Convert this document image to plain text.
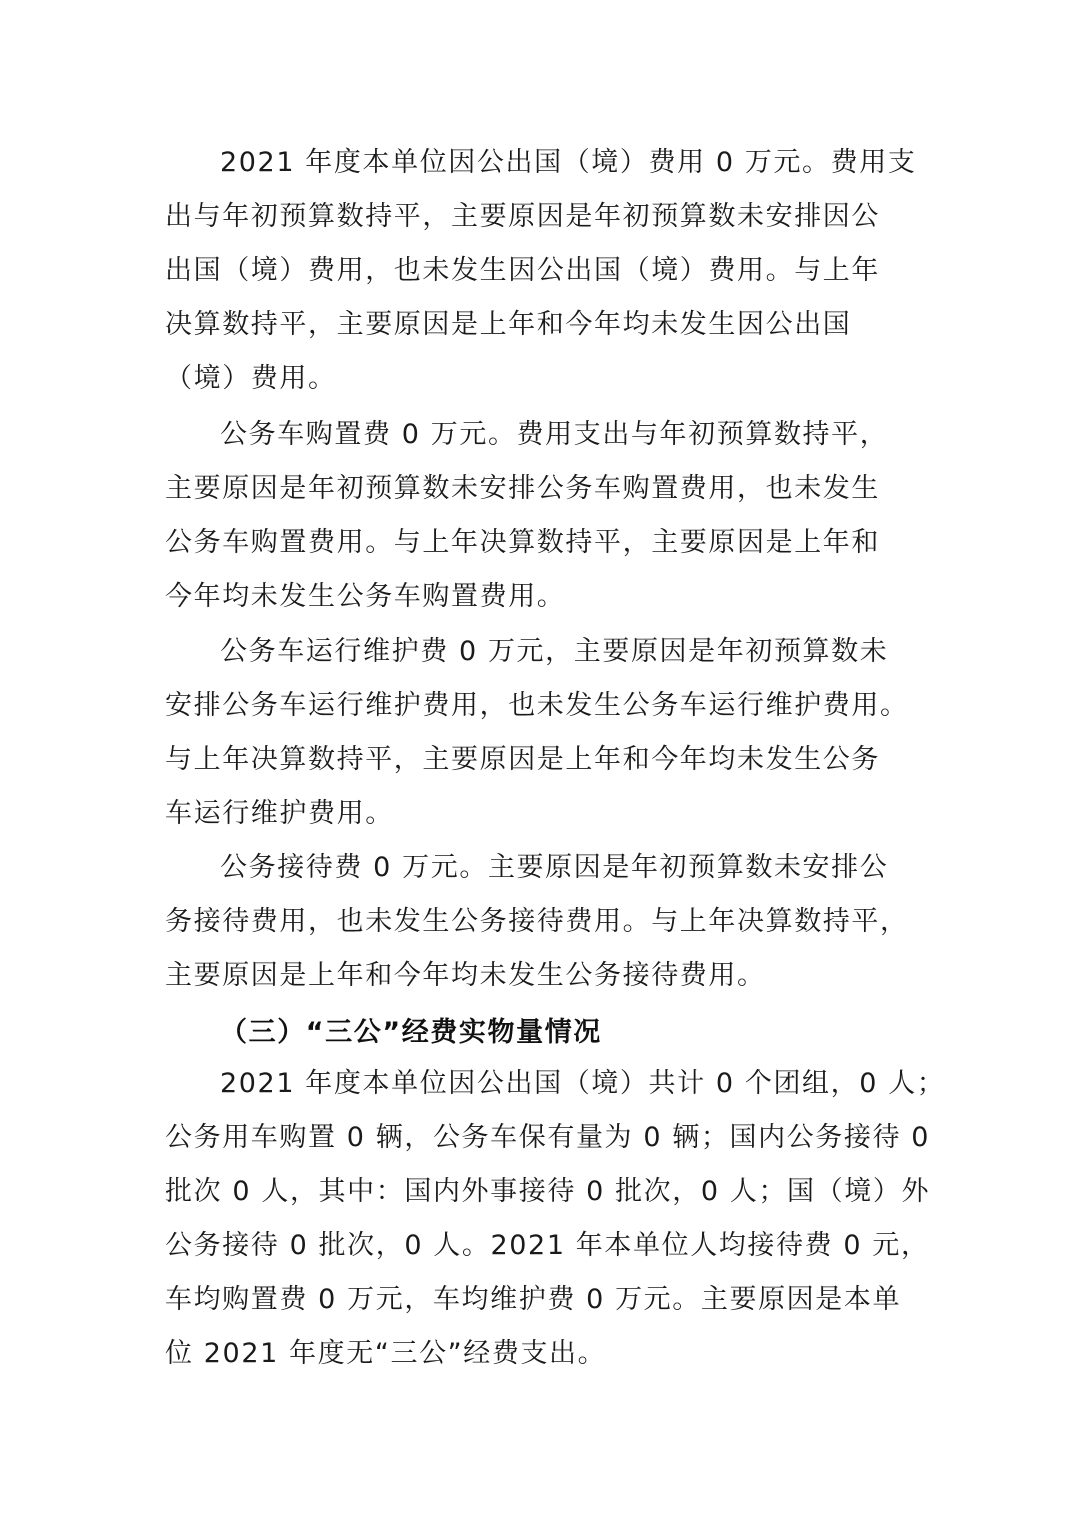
2021 年度本单位因公出国（境）费用 0 万元。费用支
出与年初预算数持平，主要原因是年初预算数未安排因公
出国（境）费用，也未发生因公出国（境）费用。与上年
决算数持平，主要原因是上年和今年均未发生因公出国
（境）费用。
公务车购置费 0 万元。费用支出与年初预算数持平，
主要原因是年初预算数未安排公务车购置费用，也未发生
公务车购置费用。与上年决算数持平，主要原因是上年和
今年均未发生公务车购置费用。
公务车运行维护费 0 万元，主要原因是年初预算数未
安排公务车运行维护费用，也未发生公务车运行维护费用。
与上年决算数持平，主要原因是上年和今年均未发生公务
车运行维护费用。
公务接待费 0 万元。主要原因是年初预算数未安排公
务接待费用，也未发生公务接待费用。与上年决算数持平，
主要原因是上年和今年均未发生公务接待费用。
（三）“三公”经费实物量情况
2021 年度本单位因公出国（境）共计 0 个团组，0 人；
公务用车购置 0 辆，公务车保有量为 0 辆；国内公务接待 0
批次 0 人，其中：国内外事接待 0 批次，0 人；国（境）外
公务接待 0 批次，0 人。2021 年本单位人均接待费 0 元，
车均购置费 0 万元，车均维护费 0 万元。主要原因是本单
位 2021 年度无“三公”经费支出。
